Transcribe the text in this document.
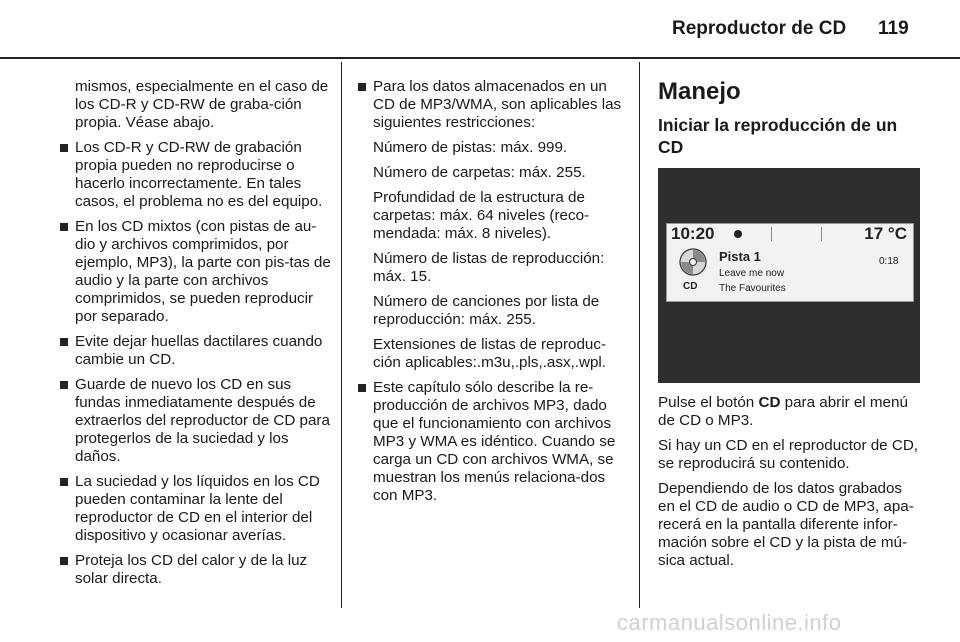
Reproductor de CD 119

mismos, especialmente en el caso de los CD-R y CD-RW de graba-ción propia. Véase abajo.

Los CD-R y CD-RW de grabación propia pueden no reproducirse o hacerlo incorrectamente. En tales casos, el problema no es del equipo.
En los CD mixtos (con pistas de au-dio y archivos comprimidos, por ejemplo, MP3), la parte con pis-tas de audio y la parte con archivos comprimidos, se pueden reproducir por separado.
Evite dejar huellas dactilares cuando cambie un CD.
Guarde de nuevo los CD en sus fundas inmediatamente después de extraerlos del reproductor de CD para protegerlos de la suciedad y los daños.
La suciedad y los líquidos en los CD pueden contaminar la lente del reproductor de CD en el interior del dispositivo y ocasionar averías.
Proteja los CD del calor y de la luz solar directa.
Para los datos almacenados en un CD de MP3/WMA, son aplicables las siguientes restricciones:

Número de pistas: máx. 999.

Número de carpetas: máx. 255.

Profundidad de la estructura de carpetas: máx. 64 niveles (reco-mendada: máx. 8 niveles).

Número de listas de reproducción: máx. 15.

Número de canciones por lista de reproducción: máx. 255.

Extensiones de listas de reproduc-ción aplicables:.m3u,.pls,.asx,.wpl.

Este capítulo sólo describe la re-producción de archivos MP3, dado que el funcionamiento con archivos MP3 y WMA es idéntico. Cuando se carga un CD con archivos WMA, se muestran los menús relaciona-dos con MP3.
Manejo
Iniciar la reproducción de un CD
10:20	17 °C
CD
Pista 1
Leave me now
The Favourites
0:18

Pulse el botón CD para abrir el menú de CD o MP3.

Si hay un CD en el reproductor de CD, se reproducirá su contenido.

Dependiendo de los datos grabados en el CD de audio o CD de MP3, apa-recerá en la pantalla diferente infor-mación sobre el CD y la pista de mú-sica actual.

carmanualsonline.info
